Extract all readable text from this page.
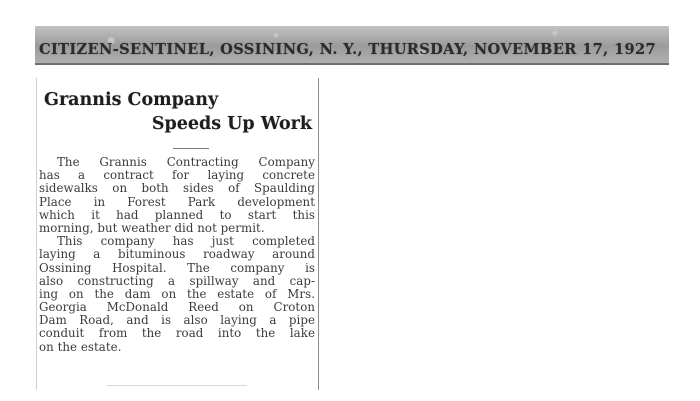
CITIZEN-SENTINEL, OSSINING, N. Y., THURSDAY, NOVEMBER 17, 1927
Grannis Company
Speeds Up Work
The Grannis Contracting Company
has a contract for laying concrete
sidewalks on both sides of Spaulding
Place in Forest Park development
which it had planned to start this
morning, but weather did not permit.
This company has just completed
laying a bituminous roadway around
Ossining Hospital. The company is
also constructing a spillway and cap-
ing on the dam on the estate of Mrs.
Georgia McDonald Reed on Croton
Dam Road, and is also laying a pipe
conduit from the road into the lake
on the estate.
